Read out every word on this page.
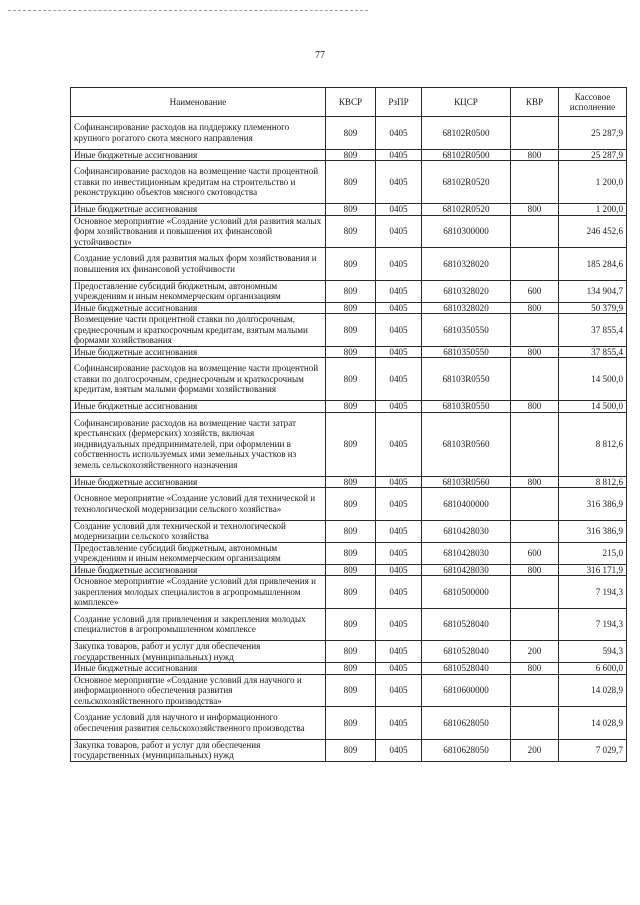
77
Наименование	КВСР	РзПР	КЦСР	КВР	Кассовое исполнение
Софинансирование расходов на поддержку племенного крупного рогатого скота мясного направления	809	0405	68102R0500		25 287,9
Иные бюджетные ассигнования	809	0405	68102R0500	800	25 287,9
Софинансирование расходов на возмещение части процентной ставки по инвестиционным кредитам на строительство и реконструкцию объектов мясного скотоводства	809	0405	68102R0520		1 200,0
Иные бюджетные ассигнования	809	0405	68102R0520	800	1 200,0
Основное мероприятие «Создание условий для развития малых форм хозяйствования и повышения их финансовой устойчивости»	809	0405	6810300000		246 452,6
Создание условий для развития малых форм хозяйствования и повышения их финансовой устойчивости	809	0405	6810328020		185 284,6
Предоставление субсидий бюджетным, автономным учреждениям и иным некоммерческим организациям	809	0405	6810328020	600	134 904,7
Иные бюджетные ассигнования	809	0405	6810328020	800	50 379,9
Возмещение части процентной ставки по долгосрочным, среднесрочным и краткосрочным кредитам, взятым малыми формами хозяйствования	809	0405	6810350550		37 855,4
Иные бюджетные ассигнования	809	0405	6810350550	800	37 855,4
Софинансирование расходов на возмещение части процентной ставки по долгосрочным, среднесрочным и краткосрочным кредитам, взятым малыми формами хозяйствования	809	0405	68103R0550		14 500,0
Иные бюджетные ассигнования	809	0405	68103R0550	800	14 500,0
Софинансирование расходов на возмещение части затрат крестьянских (фермерских) хозяйств, включая индивидуальных предпринимателей, при оформлении в собственность используемых ими земельных участков из земель сельскохозяйственного назначения	809	0405	68103R0560		8 812,6
Иные бюджетные ассигнования	809	0405	68103R0560	800	8 812,6
Основное мероприятие «Создание условий для технической и технологической модернизации сельского хозяйства»	809	0405	6810400000		316 386,9
Создание условий для технической и технологической модернизации сельского хозяйства	809	0405	6810428030		316 386,9
Предоставление субсидий бюджетным, автономным учреждениям и иным некоммерческим организациям	809	0405	6810428030	600	215,0
Иные бюджетные ассигнования	809	0405	6810428030	800	316 171,9
Основное мероприятие «Создание условий для привлечения и закрепления молодых специалистов в агропромышленном комплексе»	809	0405	6810500000		7 194,3
Создание условий для привлечения и закрепления молодых специалистов в агропромышленном комплексе	809	0405	6810528040		7 194,3
Закупка товаров, работ и услуг для обеспечения государственных (муниципальных) нужд	809	0405	6810528040	200	594,3
Иные бюджетные ассигнования	809	0405	6810528040	800	6 600,0
Основное мероприятие «Создание условий для научного и информационного обеспечения развития сельскохозяйственного производства»	809	0405	6810600000		14 028,9
Создание условий для научного и информационного обеспечения развития сельскохозяйственного производства	809	0405	6810628050		14 028,9
Закупка товаров, работ и услуг для обеспечения государственных (муниципальных) нужд	809	0405	6810628050	200	7 029,7
